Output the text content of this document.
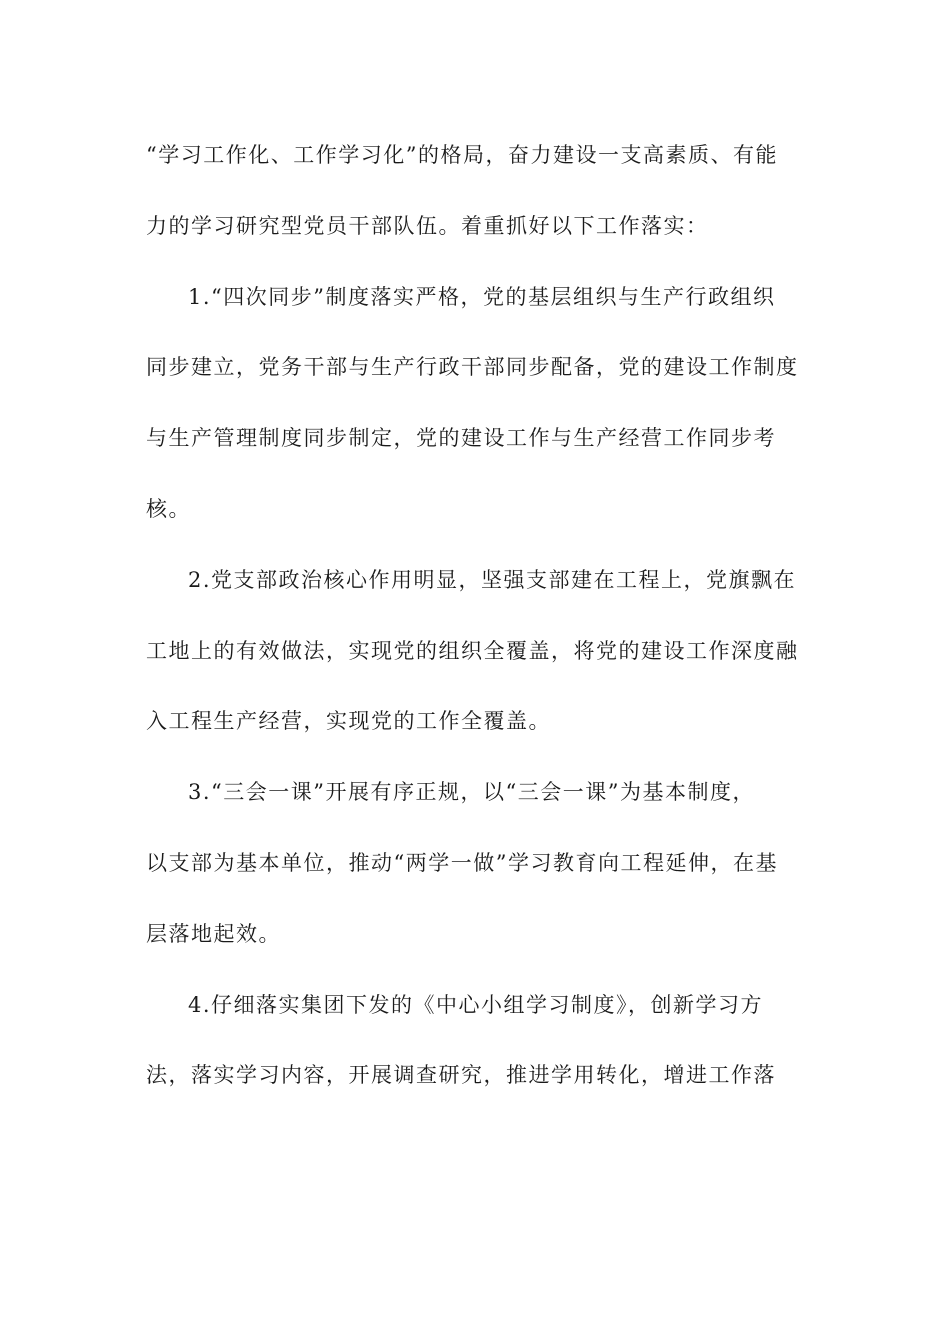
“学习工作化、工作学习化”的格局，奋力建设一支高素质、有能
力的学习研究型党员干部队伍。着重抓好以下工作落实：
1.“四次同步”制度落实严格，党的基层组织与生产行政组织
同步建立，党务干部与生产行政干部同步配备，党的建设工作制度
与生产管理制度同步制定，党的建设工作与生产经营工作同步考
核。
2.党支部政治核心作用明显，坚强支部建在工程上，党旗飘在
工地上的有效做法，实现党的组织全覆盖，将党的建设工作深度融
入工程生产经营，实现党的工作全覆盖。
3.“三会一课”开展有序正规，以“三会一课”为基本制度，
以支部为基本单位，推动“两学一做”学习教育向工程延伸，在基
层落地起效。
4.仔细落实集团下发的《中心小组学习制度》，创新学习方
法，落实学习内容，开展调查研究，推进学用转化，增进工作落
